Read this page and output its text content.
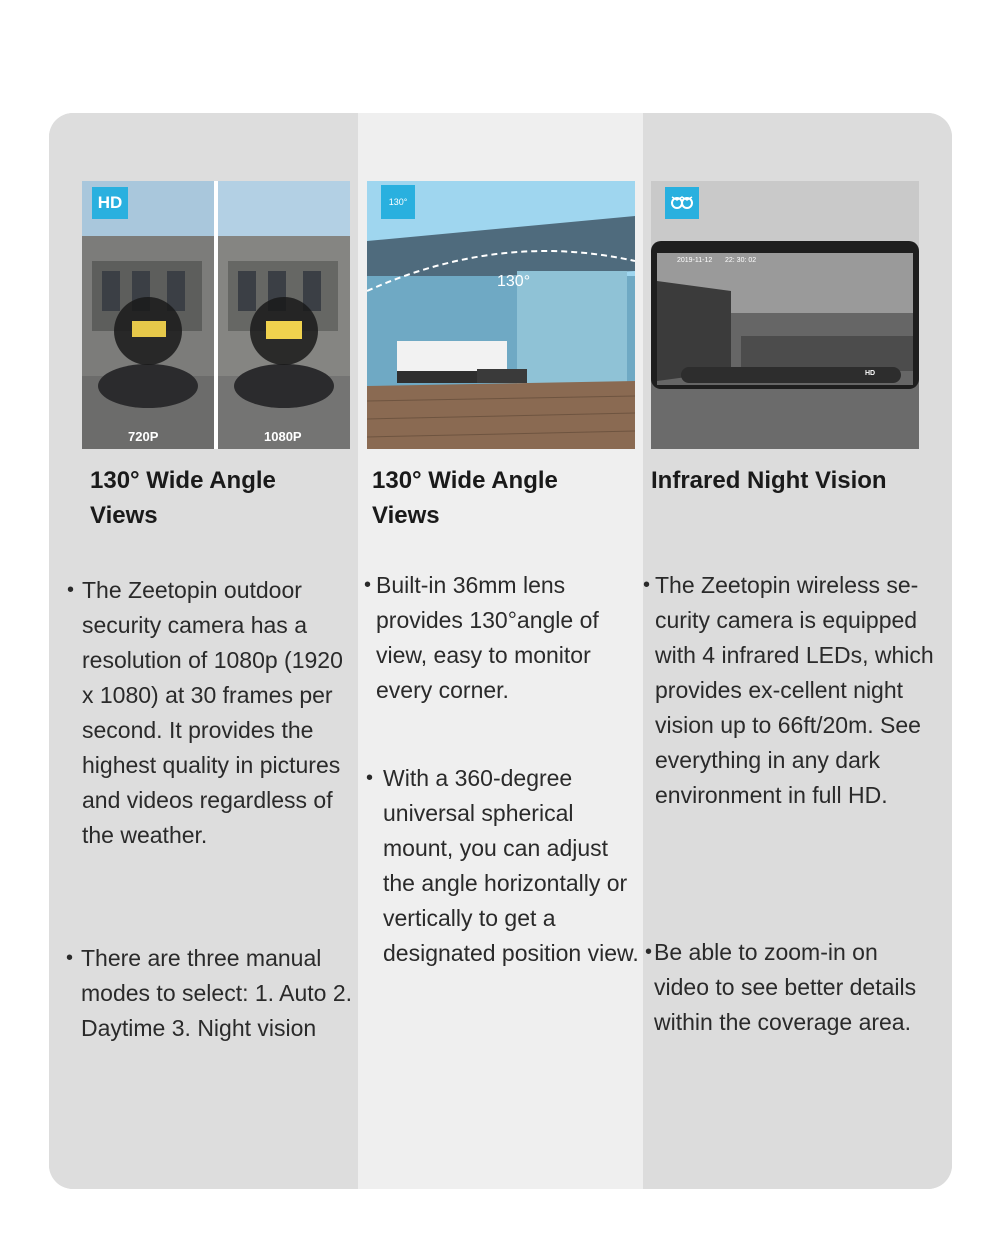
HD
720P	1080P
130° Wide Angle Views

• The Zeetopin outdoor security camera has a resolution of 1080p (1920 x 1080) at 30 frames per second. It provides the highest quality in pictures and videos regardless of the weather.

• There are three manual modes to select: 1. Auto 2. Daytime 3. Night vision

130°
130°
130° Wide Angle Views

• Built-in 36mm lens provides 130°angle of view, easy to monitor every corner.

• With a 360-degree universal spherical mount, you can adjust the angle horizontally or vertically to get a designated position view.

2019-11-12 22: 30: 02
HD
Infrared Night Vision

• The Zeetopin wireless se-curity camera is equipped with 4 infrared LEDs, which provides ex-cellent night vision up to 66ft/20m. See everything in any dark environment in full HD.

• Be able to zoom-in on video to see better details within the coverage area.
